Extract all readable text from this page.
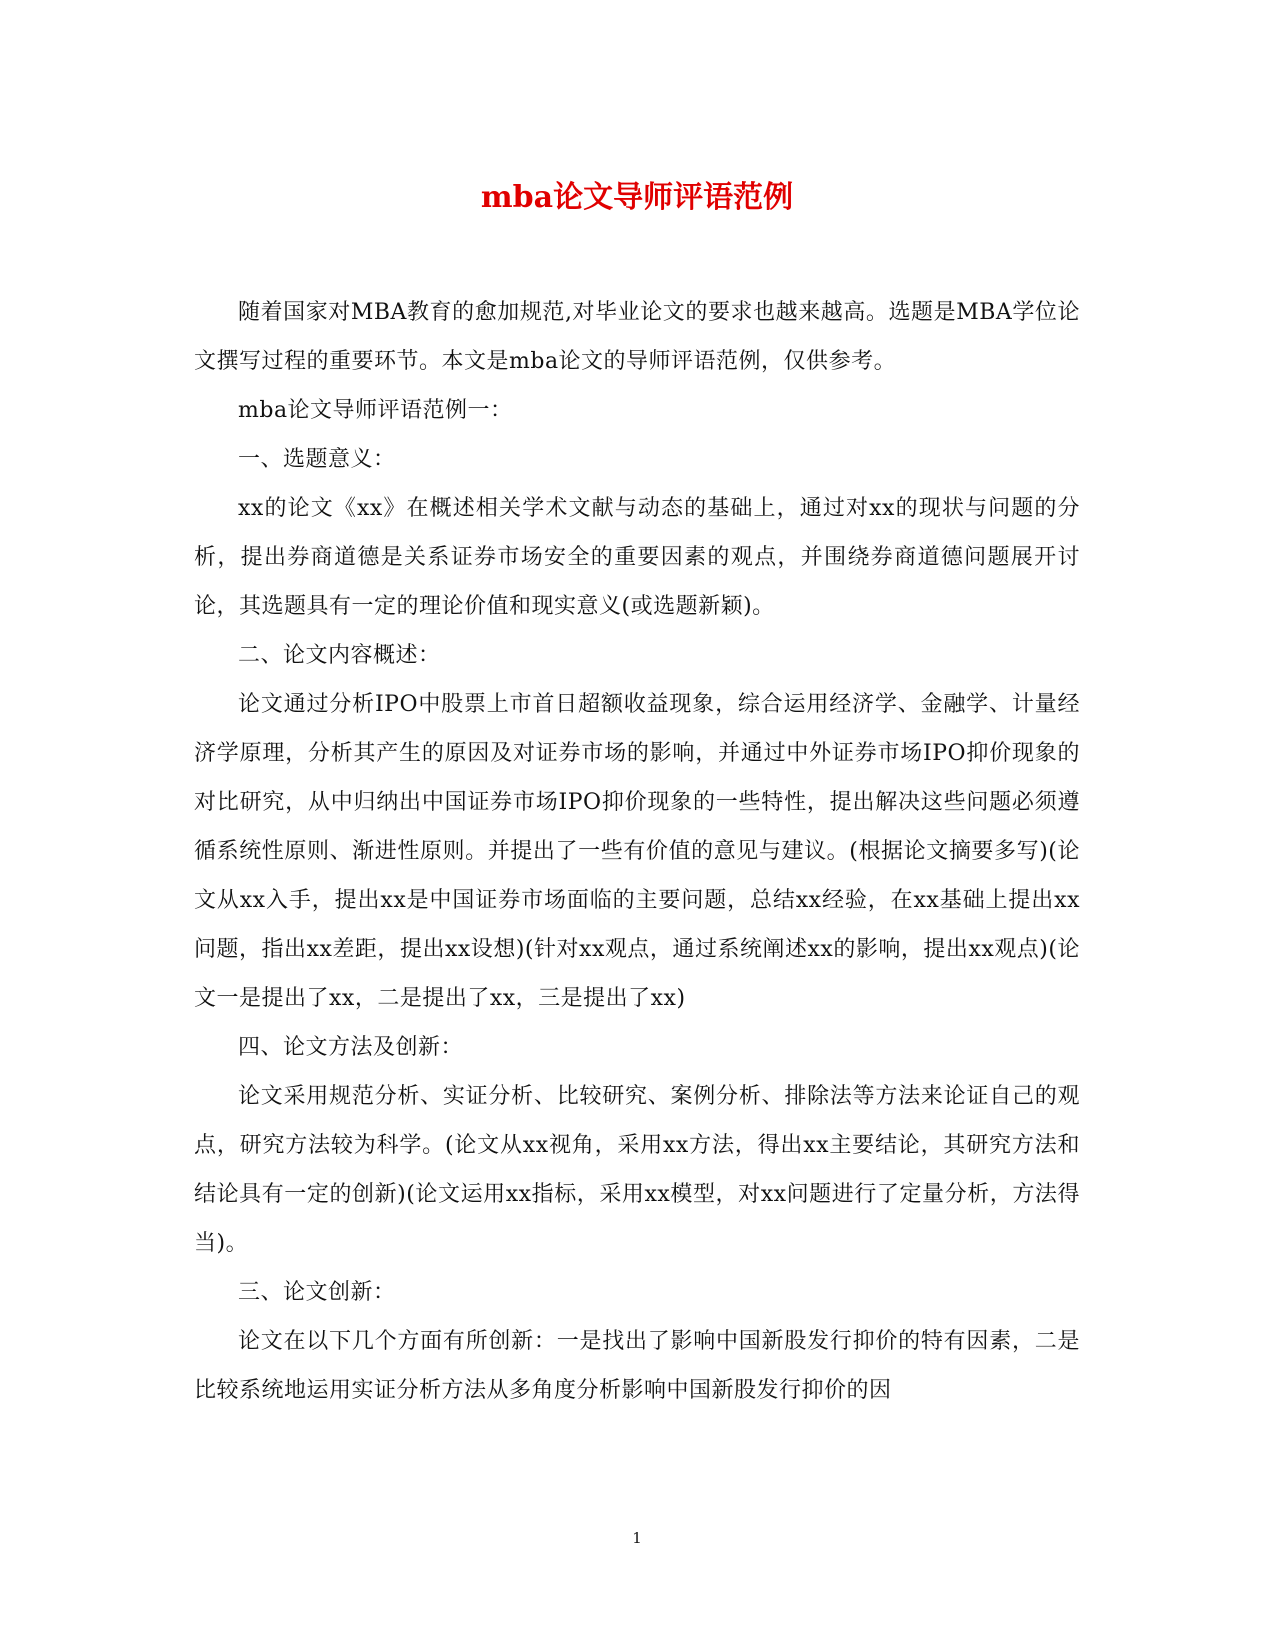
mba论文导师评语范例

随着国家对MBA教育的愈加规范,对毕业论文的要求也越来越高。选题是MBA学位论文撰写过程的重要环节。本文是mba论文的导师评语范例，仅供参考。

mba论文导师评语范例一：

一、选题意义：

xx的论文《xx》在概述相关学术文献与动态的基础上，通过对xx的现状与问题的分析，提出券商道德是关系证券市场安全的重要因素的观点，并围绕券商道德问题展开讨论，其选题具有一定的理论价值和现实意义(或选题新颖)。

二、论文内容概述：

论文通过分析IPO中股票上市首日超额收益现象，综合运用经济学、金融学、计量经济学原理，分析其产生的原因及对证券市场的影响，并通过中外证券市场IPO抑价现象的对比研究，从中归纳出中国证券市场IPO抑价现象的一些特性，提出解决这些问题必须遵循系统性原则、渐进性原则。并提出了一些有价值的意见与建议。(根据论文摘要多写)(论文从xx入手，提出xx是中国证券市场面临的主要问题，总结xx经验，在xx基础上提出xx问题，指出xx差距，提出xx设想)(针对xx观点，通过系统阐述xx的影响，提出xx观点)(论文一是提出了xx，二是提出了xx，三是提出了xx)

四、论文方法及创新：

论文采用规范分析、实证分析、比较研究、案例分析、排除法等方法来论证自己的观点，研究方法较为科学。(论文从xx视角，采用xx方法，得出xx主要结论，其研究方法和结论具有一定的创新)(论文运用xx指标，采用xx模型，对xx问题进行了定量分析，方法得当)。

三、论文创新：

论文在以下几个方面有所创新：一是找出了影响中国新股发行抑价的特有因素，二是比较系统地运用实证分析方法从多角度分析影响中国新股发行抑价的因

1
